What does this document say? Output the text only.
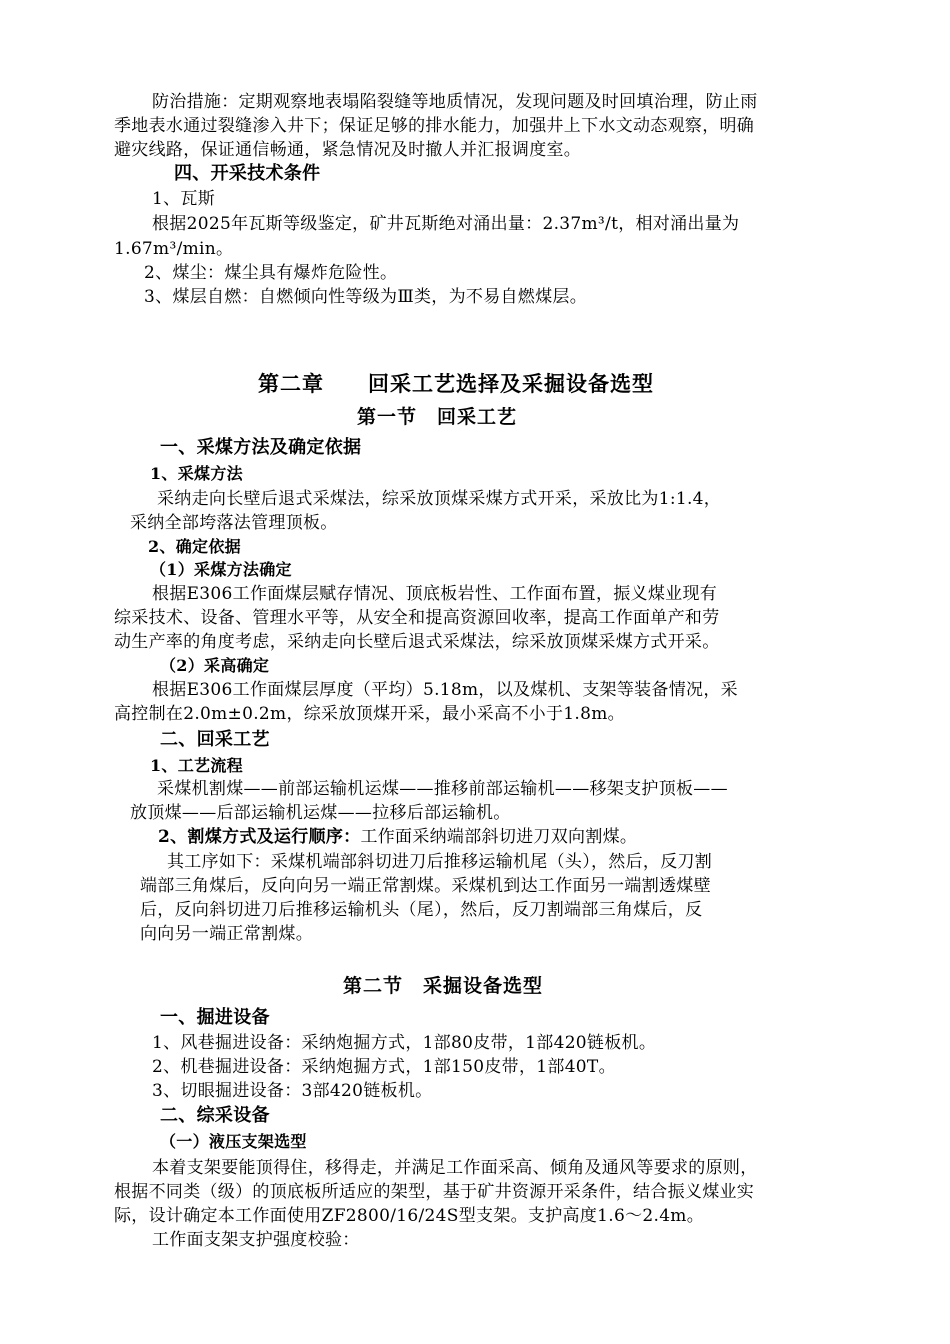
防治措施：定期观察地表塌陷裂缝等地质情况，发现问题及时回填治理，防止雨
季地表水通过裂缝渗入井下；保证足够的排水能力，加强井上下水文动态观察，明确
避灾线路，保证通信畅通，紧急情况及时撤人并汇报调度室。
四、开采技术条件
1、瓦斯
根据2025年瓦斯等级鉴定，矿井瓦斯绝对涌出量：2.37m³/t，相对涌出量为
1.67m³/min。
2、煤尘：煤尘具有爆炸危险性。
3、煤层自燃：自燃倾向性等级为Ⅲ类，为不易自燃煤层。
第二章　　回采工艺选择及采掘设备选型
第一节　回采工艺
一、采煤方法及确定依据
1、采煤方法
采纳走向长壁后退式采煤法，综采放顶煤采煤方式开采，采放比为1:1.4，
采纳全部垮落法管理顶板。
2、确定依据
（1）采煤方法确定
根据E306工作面煤层赋存情况、顶底板岩性、工作面布置，振义煤业现有
综采技术、设备、管理水平等，从安全和提高资源回收率，提高工作面单产和劳
动生产率的角度考虑，采纳走向长壁后退式采煤法，综采放顶煤采煤方式开采。
（2）采高确定
根据E306工作面煤层厚度（平均）5.18m，以及煤机、支架等装备情况，采
高控制在2.0m±0.2m，综采放顶煤开采，最小采高不小于1.8m。
二、回采工艺
1、工艺流程
采煤机割煤——前部运输机运煤——推移前部运输机——移架支护顶板——
放顶煤——后部运输机运煤——拉移后部运输机。
2、割煤方式及运行顺序：工作面采纳端部斜切进刀双向割煤。
其工序如下：采煤机端部斜切进刀后推移运输机尾（头），然后，反刀割
端部三角煤后，反向向另一端正常割煤。采煤机到达工作面另一端割透煤壁
后，反向斜切进刀后推移运输机头（尾），然后，反刀割端部三角煤后，反
向向另一端正常割煤。
第二节　采掘设备选型
一、掘进设备
1、风巷掘进设备：采纳炮掘方式，1部80皮带，1部420链板机。
2、机巷掘进设备：采纳炮掘方式，1部150皮带，1部40T。
3、切眼掘进设备：3部420链板机。
二、综采设备
（一）液压支架选型
本着支架要能顶得住，移得走，并满足工作面采高、倾角及通风等要求的原则，
根据不同类（级）的顶底板所适应的架型，基于矿井资源开采条件，结合振义煤业实
际，设计确定本工作面使用ZF2800/16/24S型支架。支护高度1.6～2.4m。
工作面支架支护强度校验：
